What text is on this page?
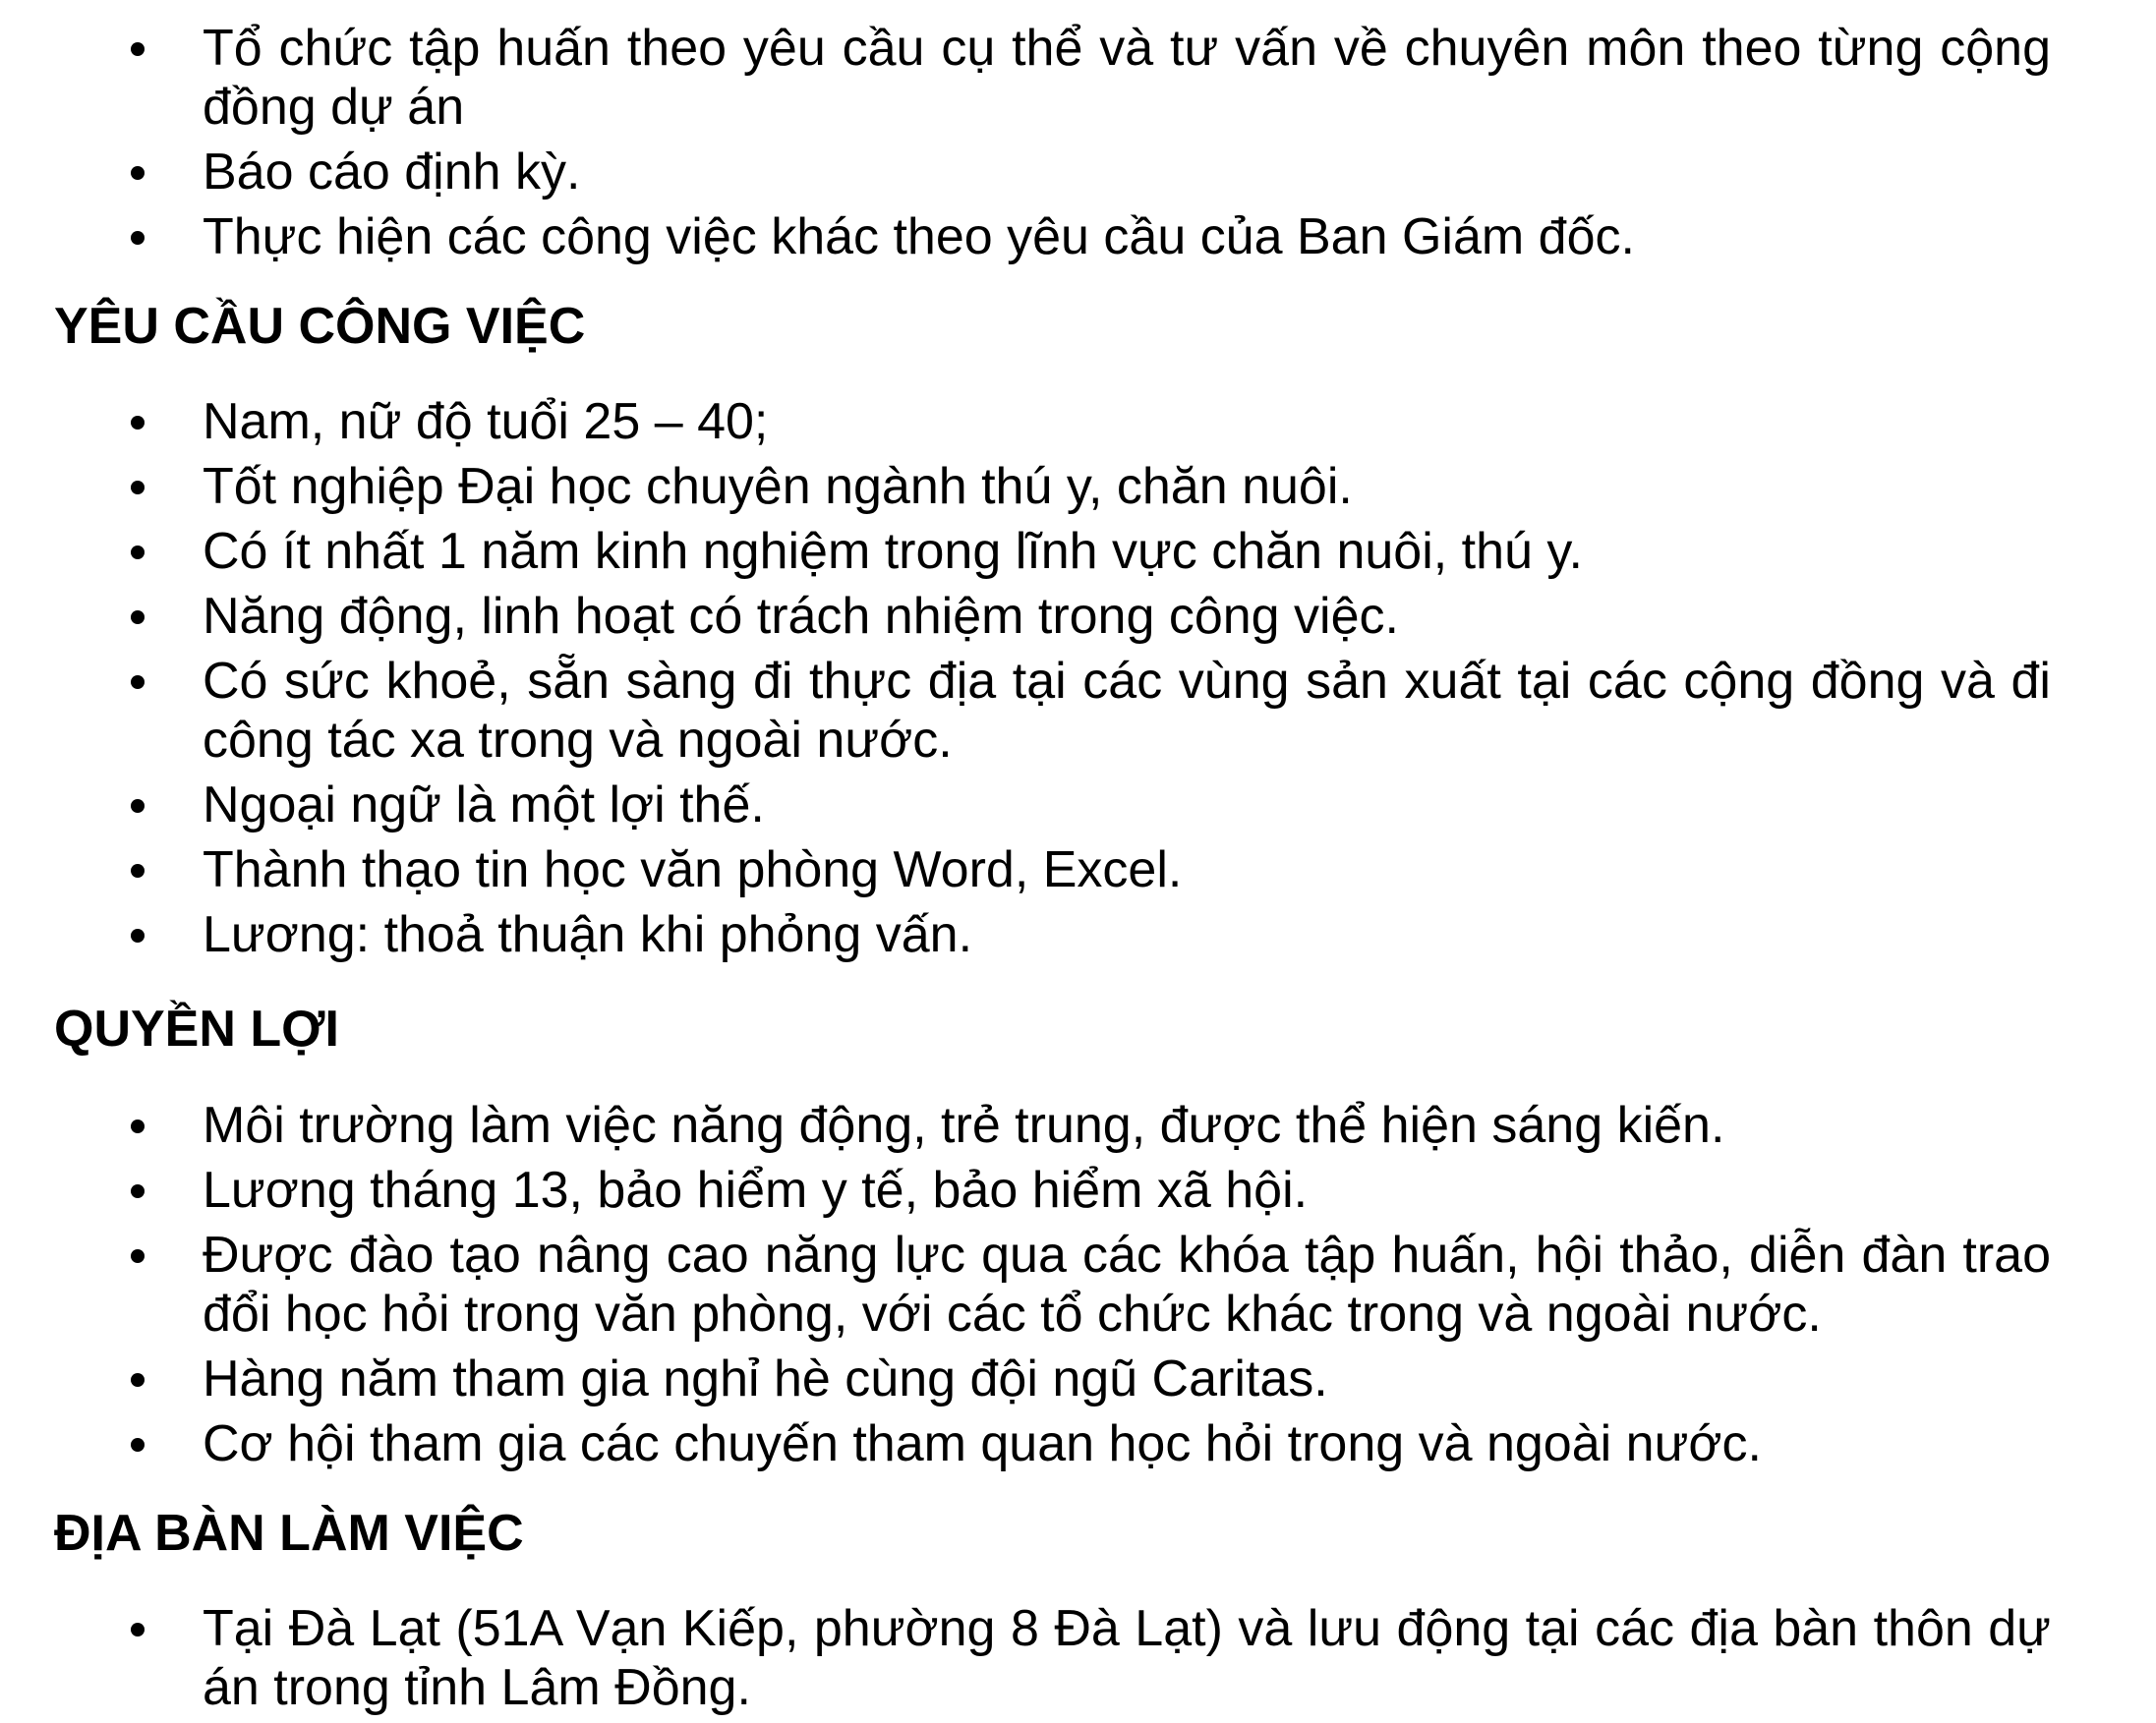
Tổ chức tập huấn theo yêu cầu cụ thể và tư vấn về chuyên môn theo từng cộng đồng dự án
Báo cáo định kỳ.
Thực hiện các công việc khác theo yêu cầu của Ban Giám đốc.
YÊU CẦU CÔNG VIỆC
Nam, nữ độ tuổi 25 – 40;
Tốt nghiệp Đại học chuyên ngành thú y, chăn nuôi.
Có ít nhất 1 năm kinh nghiệm trong lĩnh vực chăn nuôi, thú y.
Năng động, linh hoạt có trách nhiệm trong công việc.
Có sức khoẻ, sẵn sàng đi thực địa tại các vùng sản xuất tại các cộng đồng và đi công tác xa trong và ngoài nước.
Ngoại ngữ là một lợi thế.
Thành thạo tin học văn phòng Word, Excel.
Lương: thoả thuận khi phỏng vấn.
QUYỀN LỢI
Môi trường làm việc năng động, trẻ trung, được thể hiện sáng kiến.
Lương tháng 13, bảo hiểm y tế, bảo hiểm xã hội.
Được đào tạo nâng cao năng lực qua các khóa tập huấn, hội thảo, diễn đàn trao đổi học hỏi trong văn phòng, với các tổ chức khác trong và ngoài nước.
Hàng năm tham gia nghỉ hè cùng đội ngũ Caritas.
Cơ hội tham gia các chuyến tham quan học hỏi trong và ngoài nước.
ĐỊA BÀN LÀM VIỆC
Tại Đà Lạt (51A Vạn Kiếp, phường 8 Đà Lạt) và lưu động tại các địa bàn thôn dự án trong tỉnh Lâm Đồng.
